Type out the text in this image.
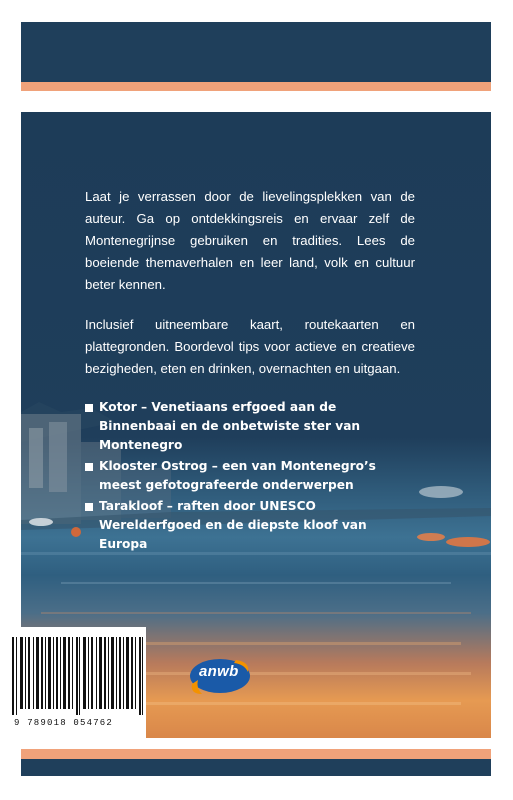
Laat je verrassen door de lievelingsplekken van de auteur. Ga op ontdekkingsreis en ervaar zelf de Montenegrijnse gebruiken en tradities. Lees de boeiende themaverhalen en leer land, volk en cultuur beter kennen.

Inclusief uitneembare kaart, routekaarten en plattegronden. Boordevol tips voor actieve en creatieve bezigheden, eten en drinken, overnachten en uitgaan.

Kotor – Venetiaans erfgoed aan de Binnenbaai en de onbetwiste ster van Montenegro
Klooster Ostrog – een van Montenegro’s meest gefotografeerde onderwerpen
Tarakloof – raften door UNESCO Werelderfgoed en de diepste kloof van Europa
9 789018 054762
anwb
